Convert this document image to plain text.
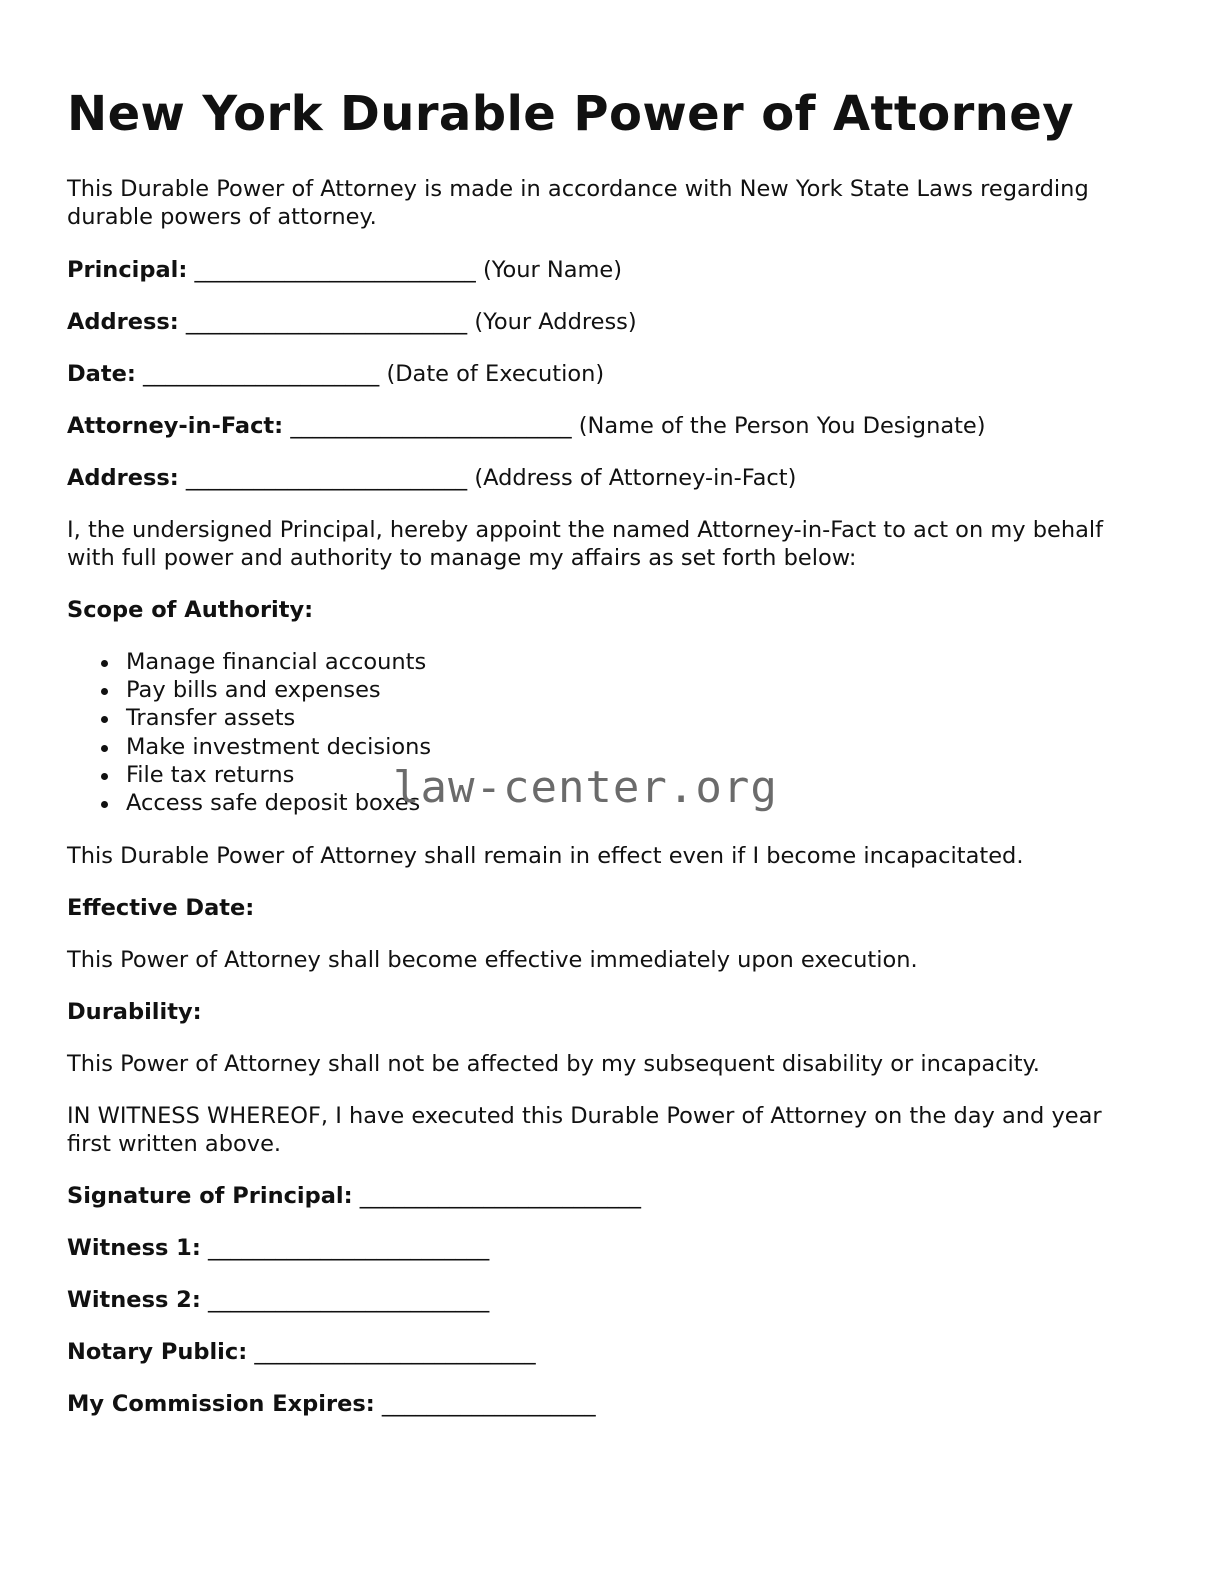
New York Durable Power of Attorney

This Durable Power of Attorney is made in accordance with New York State Laws regarding durable powers of attorney.

Principal: _________________________ (Your Name)
Address: _________________________ (Your Address)
Date: _____________________ (Date of Execution)
Attorney-in-Fact: _________________________ (Name of the Person You Designate)
Address: _________________________ (Address of Attorney-in-Fact)

I, the undersigned Principal, hereby appoint the named Attorney-in-Fact to act on my behalf with full power and authority to manage my affairs as set forth below:

Scope of Authority:

Manage financial accounts
Pay bills and expenses
Transfer assets
Make investment decisions
File tax returns
Access safe deposit boxes

This Durable Power of Attorney shall remain in effect even if I become incapacitated.

Effective Date:

This Power of Attorney shall become effective immediately upon execution.

Durability:

This Power of Attorney shall not be affected by my subsequent disability or incapacity.

IN WITNESS WHEREOF, I have executed this Durable Power of Attorney on the day and year first written above.

Signature of Principal: _________________________
Witness 1: _________________________
Witness 2: _________________________
Notary Public: _________________________
My Commission Expires: ___________________
law-center.org
